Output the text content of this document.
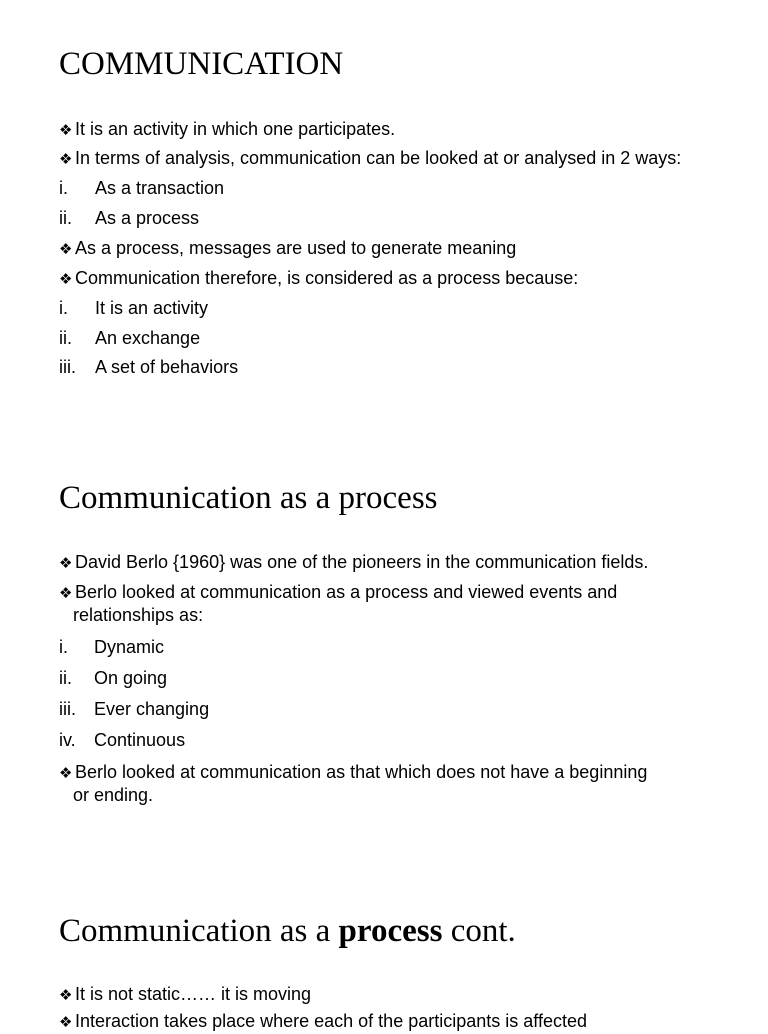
COMMUNICATION
❖ It is an activity in which one participates.
❖ In terms of analysis, communication can be looked at or analysed in 2 ways:
i.	As a transaction
ii.	As a process
❖ As a process, messages are used to generate meaning
❖ Communication therefore, is considered as a process because:
i.	It is an activity
ii.	An exchange
iii.	A set of behaviors
Communication as a process
❖ David Berlo {1960} was one of the pioneers in the communication fields.
❖ Berlo looked at communication as a process and viewed events and
relationships as:
i.	Dynamic
ii.	On going
iii.	Ever changing
iv.	Continuous
❖ Berlo looked at communication as that which does not have a beginning
or ending.
Communication as a process cont.
❖ It is not static…… it is moving
❖ Interaction takes place where each of the participants is affected
